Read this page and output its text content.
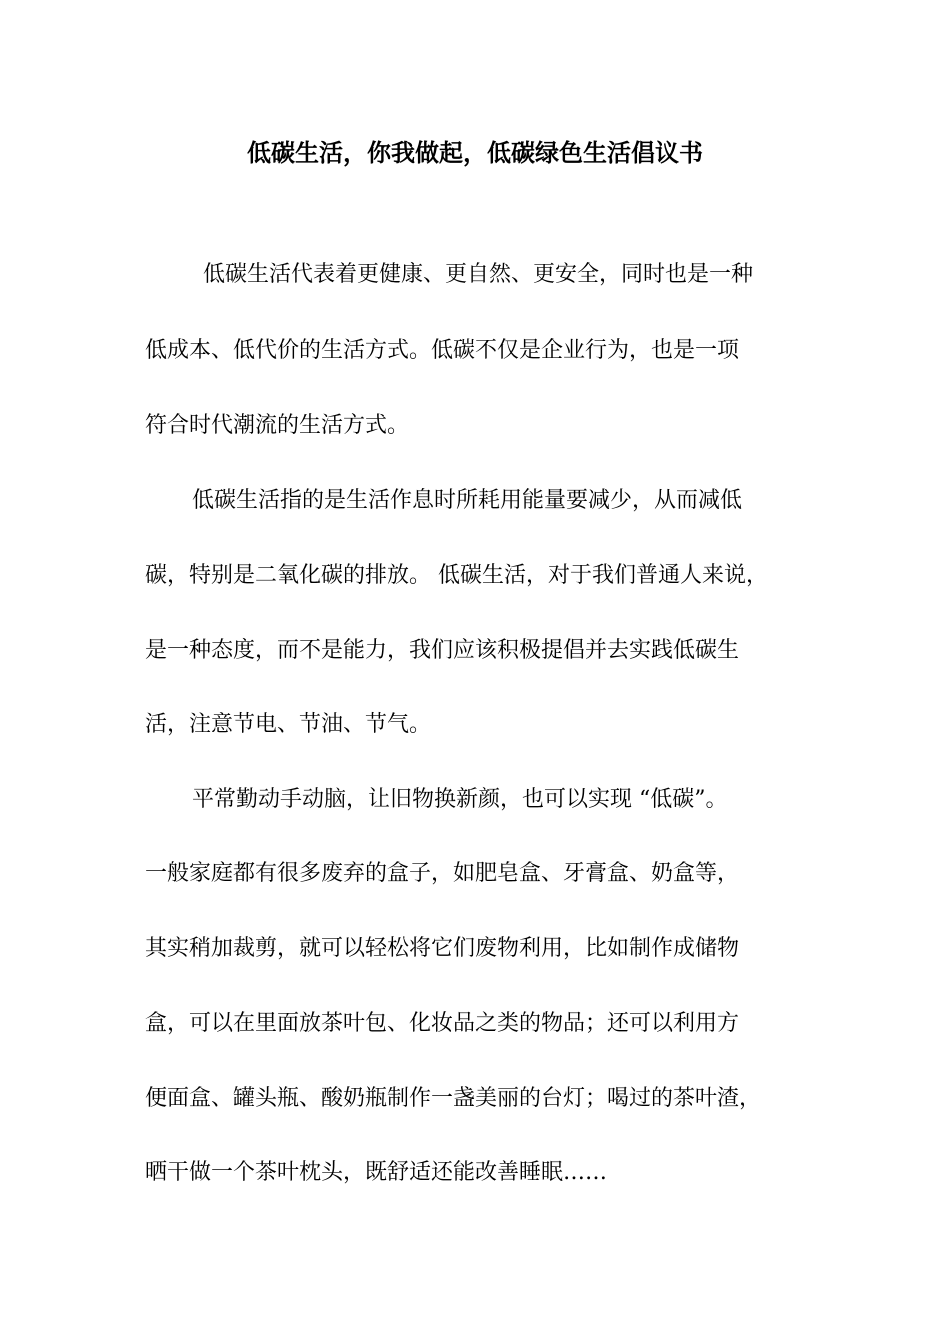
低碳生活，你我做起，低碳绿色生活倡议书
低碳生活代表着更健康、更自然、更安全，同时也是一种
低成本、低代价的生活方式。低碳不仅是企业行为，也是一项
符合时代潮流的生活方式。
低碳生活指的是生活作息时所耗用能量要减少，从而减低
碳，特别是二氧化碳的排放。 低碳生活，对于我们普通人来说，
是一种态度，而不是能力，我们应该积极提倡并去实践低碳生
活，注意节电、节油、节气。
平常勤动手动脑，让旧物换新颜，也可以实现 “低碳”。
一般家庭都有很多废弃的盒子，如肥皂盒、牙膏盒、奶盒等，
其实稍加裁剪，就可以轻松将它们废物利用，比如制作成储物
盒，可以在里面放茶叶包、化妆品之类的物品；还可以利用方
便面盒、罐头瓶、酸奶瓶制作一盏美丽的台灯；喝过的茶叶渣，
晒干做一个茶叶枕头，既舒适还能改善睡眠……
